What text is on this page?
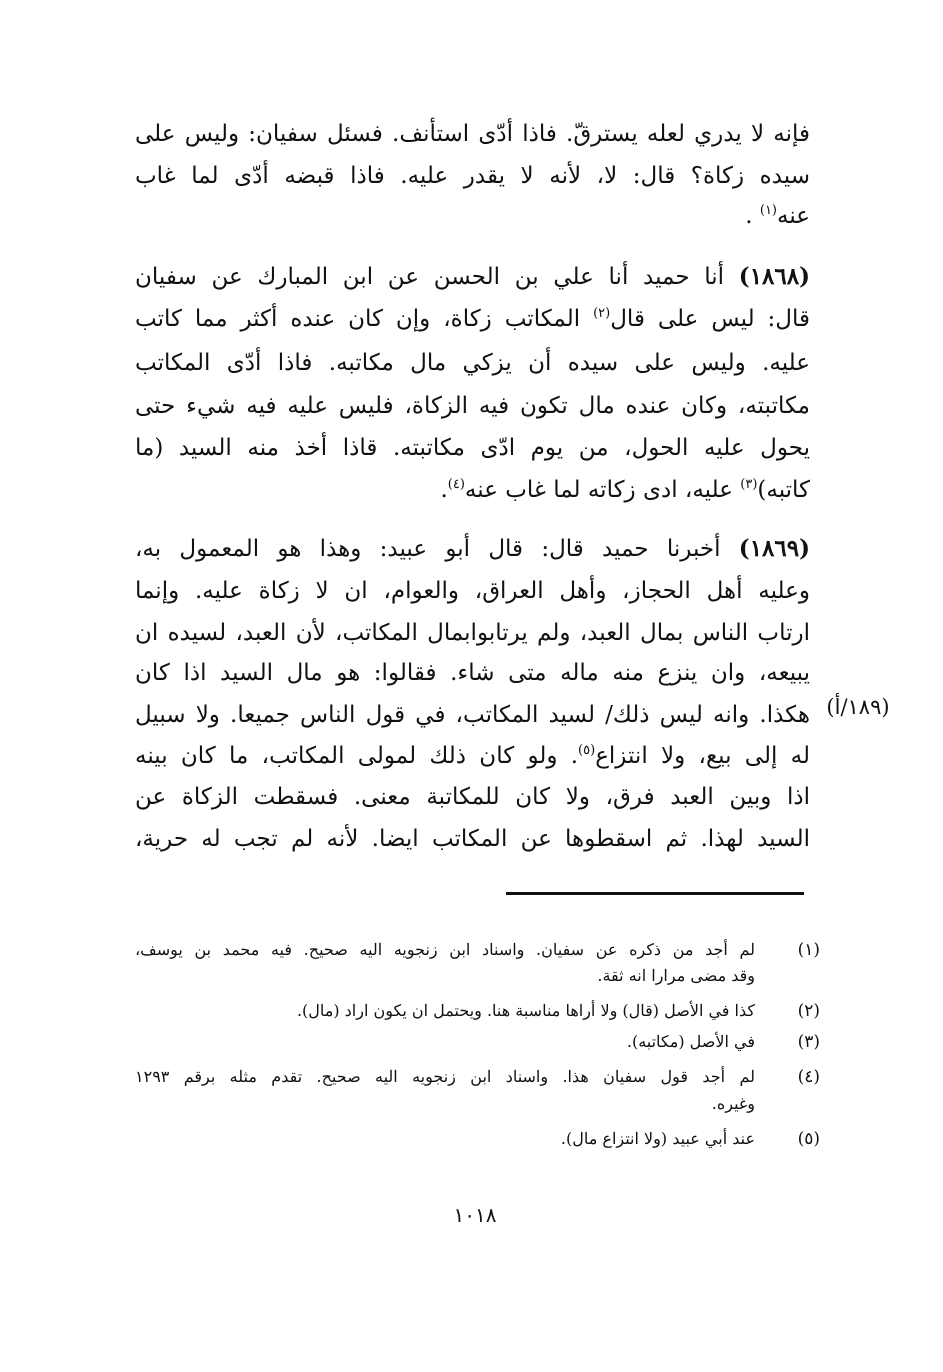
فإنه لا يدري لعله يسترقّ. فاذا أدّى استأنف. فسئل سفيان: وليس على
سيده زكاة؟ قال: لا، لأنه لا يقدر عليه. فاذا قبضه أدّى لما غاب
عنه$^{(١)}$ .
(١٨٦٨) أنا حميد أنا علي بن الحسن عن ابن المبارك عن سفيان
قال: ليس على قال$^{(٢)}$ المكاتب زكاة، وإن كان عنده أكثر مما كاتب
عليه. وليس على سيده أن يزكي مال مكاتبه. فاذا أدّى المكاتب
مكاتبته، وكان عنده مال تكون فيه الزكاة، فليس عليه فيه شيء حتى
يحول عليه الحول، من يوم ادّى مكاتبته. قاذا أخذ منه السيد (ما
كاتبه)$^{(٣)}$ عليه، ادى زكاته لما غاب عنه$^{(٤)}$.
(١٨٦٩) أخبرنا حميد قال: قال أبو عبيد: وهذا هو المعمول به،
وعليه أهل الحجاز، وأهل العراق، والعوام، ان لا زكاة عليه. وإنما
ارتاب الناس بمال العبد، ولم يرتابوابمال المكاتب، لأن العبد، لسيده ان
يبيعه، وان ينزع منه ماله متى شاء. فقالوا: هو مال السيد اذا كان
هكذا. وانه ليس ذلك/ لسيد المكاتب، في قول الناس جميعا. ولا سبيل
له إلى بيع، ولا انتزاع$^{(٥)}$. ولو كان ذلك لمولى المكاتب، ما كان بينه
اذا وبين العبد فرق، ولا كان للمكاتبة معنى. فسقطت الزكاة عن
السيد لهذا. ثم اسقطوها عن المكاتب ايضا. لأنه لم تجب له حرية،
(١٨٩/أ)
(١)
لم أجد من ذكره عن سفيان. واسناد ابن زنجويه اليه صحيح. فيه محمد بن يوسف،
وقد مضى مرارا انه ثقة.
(٢)
كذا في الأصل (قال) ولا أراها مناسبة هنا. ويحتمل ان يكون اراد (مال).
(٣)
في الأصل (مكاتبه).
(٤)
لم أجد قول سفيان هذا. واسناد ابن زنجويه اليه صحيح. تقدم مثله برقم ١٢٩٣
وغيره.
(٥)
عند أبي عبيد (ولا انتزاع مال).
١٠١٨
